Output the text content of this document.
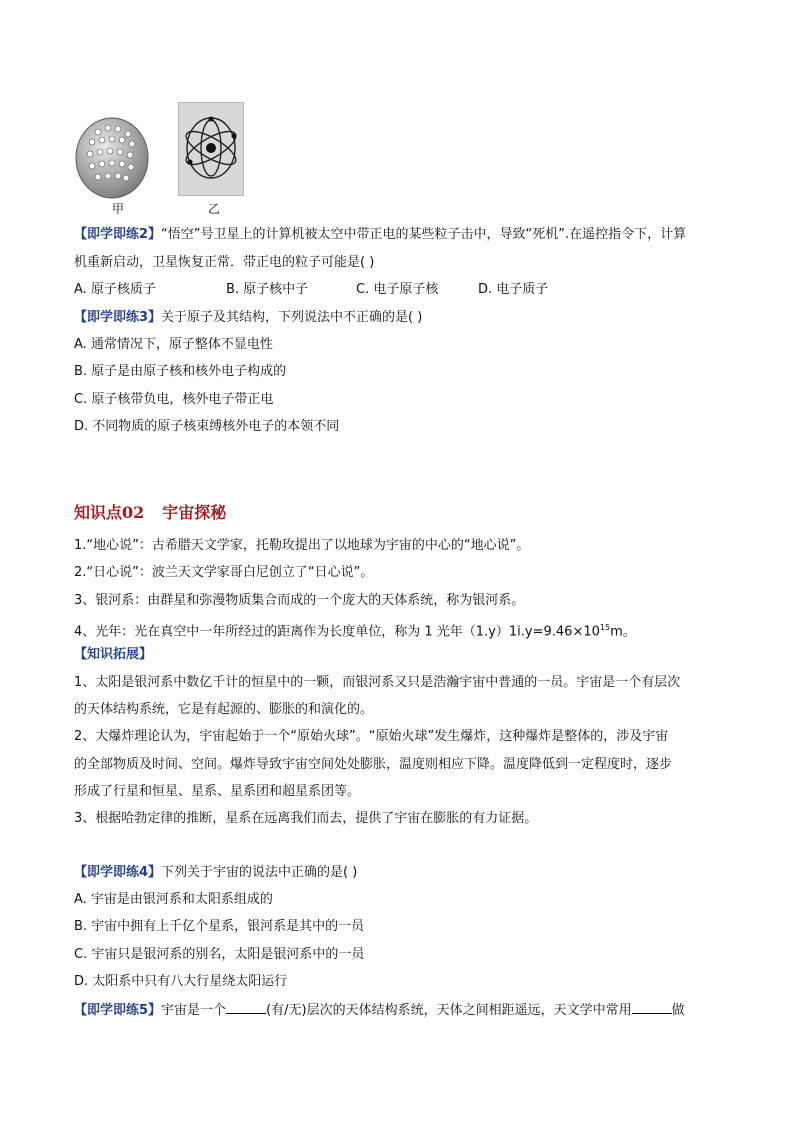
甲	乙
【即学即练2】“悟空”号卫星上的计算机被太空中带正电的某些粒子击中，导致“死机”.在遥控指令下，计算
机重新启动，卫星恢复正常．带正电的粒子可能是( )
A. 原子核质子	B. 原子核中子	C. 电子原子核	D. 电子质子
【即学即练3】关于原子及其结构，下列说法中不正确的是( )
A. 通常情况下，原子整体不显电性
B. 原子是由原子核和核外电子构成的
C. 原子核带负电，核外电子带正电
D. 不同物质的原子核束缚核外电子的本领不同
知识点02 宇宙探秘
1.“地心说”：古希腊天文学家，托勒玫提出了以地球为宇宙的中心的“地心说”。
2.“日心说”：波兰天文学家哥白尼创立了“日心说”。
3、银河系：由群星和弥漫物质集合而成的一个庞大的天体系统，称为银河系。
4、光年：光在真空中一年所经过的距离作为长度单位，称为 1 光年$(1.y)1i.y=9.46\times 10^{15}m$。
【知识拓展】
1、太阳是银河系中数亿千计的恒星中的一颗，而银河系又只是浩瀚宇宙中普通的一员。宇宙是一个有层次
的天体结构系统，它是有起源的、膨胀的和演化的。
2、大爆炸理论认为，宇宙起始于一个“原始火球”。“原始火球”发生爆炸，这种爆炸是整体的，涉及宇宙
的全部物质及时间、空间。爆炸导致宇宙空间处处膨胀，温度则相应下降。温度降低到一定程度时，逐步
形成了行星和恒星、星系、星系团和超星系团等。
3、根据哈勃定律的推断，星系在远离我们而去，提供了宇宙在膨胀的有力证据。
【即学即练4】下列关于宇宙的说法中正确的是( )
A. 宇宙是由银河系和太阳系组成的
B. 宇宙中拥有上千亿个星系，银河系是其中的一员
C. 宇宙只是银河系的别名，太阳是银河系中的一员
D. 太阳系中只有八大行星绕太阳运行
【即学即练5】宇宙是一个	(有/无)层次的天体结构系统，天体之间相距遥远，天文学中常用	做
